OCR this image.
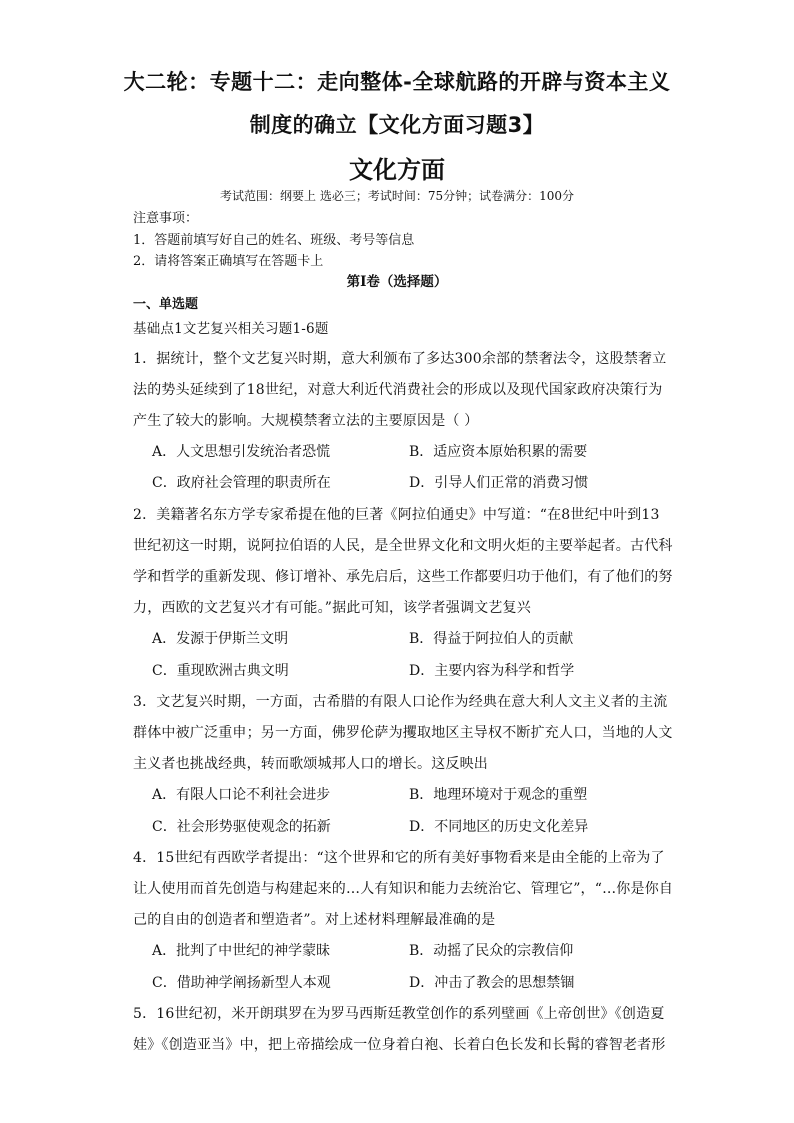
大二轮：专题十二：走向整体-全球航路的开辟与资本主义
制度的确立【文化方面习题3】
文化方面
考试范围：纲要上 选必三；考试时间：75分钟；试卷满分：100分
注意事项：
1．答题前填写好自己的姓名、班级、考号等信息
2．请将答案正确填写在答题卡上
第I卷（选择题）
一、单选题
基础点1文艺复兴相关习题1-6题
1．据统计，整个文艺复兴时期，意大利颁布了多达300余部的禁奢法令，这股禁奢立
法的势头延续到了18世纪，对意大利近代消费社会的形成以及现代国家政府决策行为
产生了较大的影响。大规模禁奢立法的主要原因是（ ）
A．人文思想引发统治者恐慌	B．适应资本原始积累的需要
C．政府社会管理的职责所在	D．引导人们正常的消费习惯
2．美籍著名东方学专家希提在他的巨著《阿拉伯通史》中写道：“在8世纪中叶到13
世纪初这一时期，说阿拉伯语的人民，是全世界文化和文明火炬的主要举起者。古代科
学和哲学的重新发现、修订增补、承先启后，这些工作都要归功于他们，有了他们的努
力，西欧的文艺复兴才有可能。”据此可知，该学者强调文艺复兴
A．发源于伊斯兰文明	B．得益于阿拉伯人的贡献
C．重现欧洲古典文明	D．主要内容为科学和哲学
3．文艺复兴时期，一方面，古希腊的有限人口论作为经典在意大利人文主义者的主流
群体中被广泛重申；另一方面，佛罗伦萨为攫取地区主导权不断扩充人口，当地的人文
主义者也挑战经典，转而歌颂城邦人口的增长。这反映出
A．有限人口论不利社会进步	B．地理环境对于观念的重塑
C．社会形势驱使观念的拓新	D．不同地区的历史文化差异
4．15世纪有西欧学者提出：“这个世界和它的所有美好事物看来是由全能的上帝为了
让人使用而首先创造与构建起来的…人有知识和能力去统治它、管理它”，“…你是你自
己的自由的创造者和塑造者”。对上述材料理解最准确的是
A．批判了中世纪的神学蒙昧	B．动摇了民众的宗教信仰
C．借助神学阐扬新型人本观	D．冲击了教会的思想禁锢
5．16世纪初，米开朗琪罗在为罗马西斯廷教堂创作的系列壁画《上帝创世》《创造夏
娃》《创造亚当》中，把上帝描绘成一位身着白袍、长着白色长发和长髯的睿智老者形
